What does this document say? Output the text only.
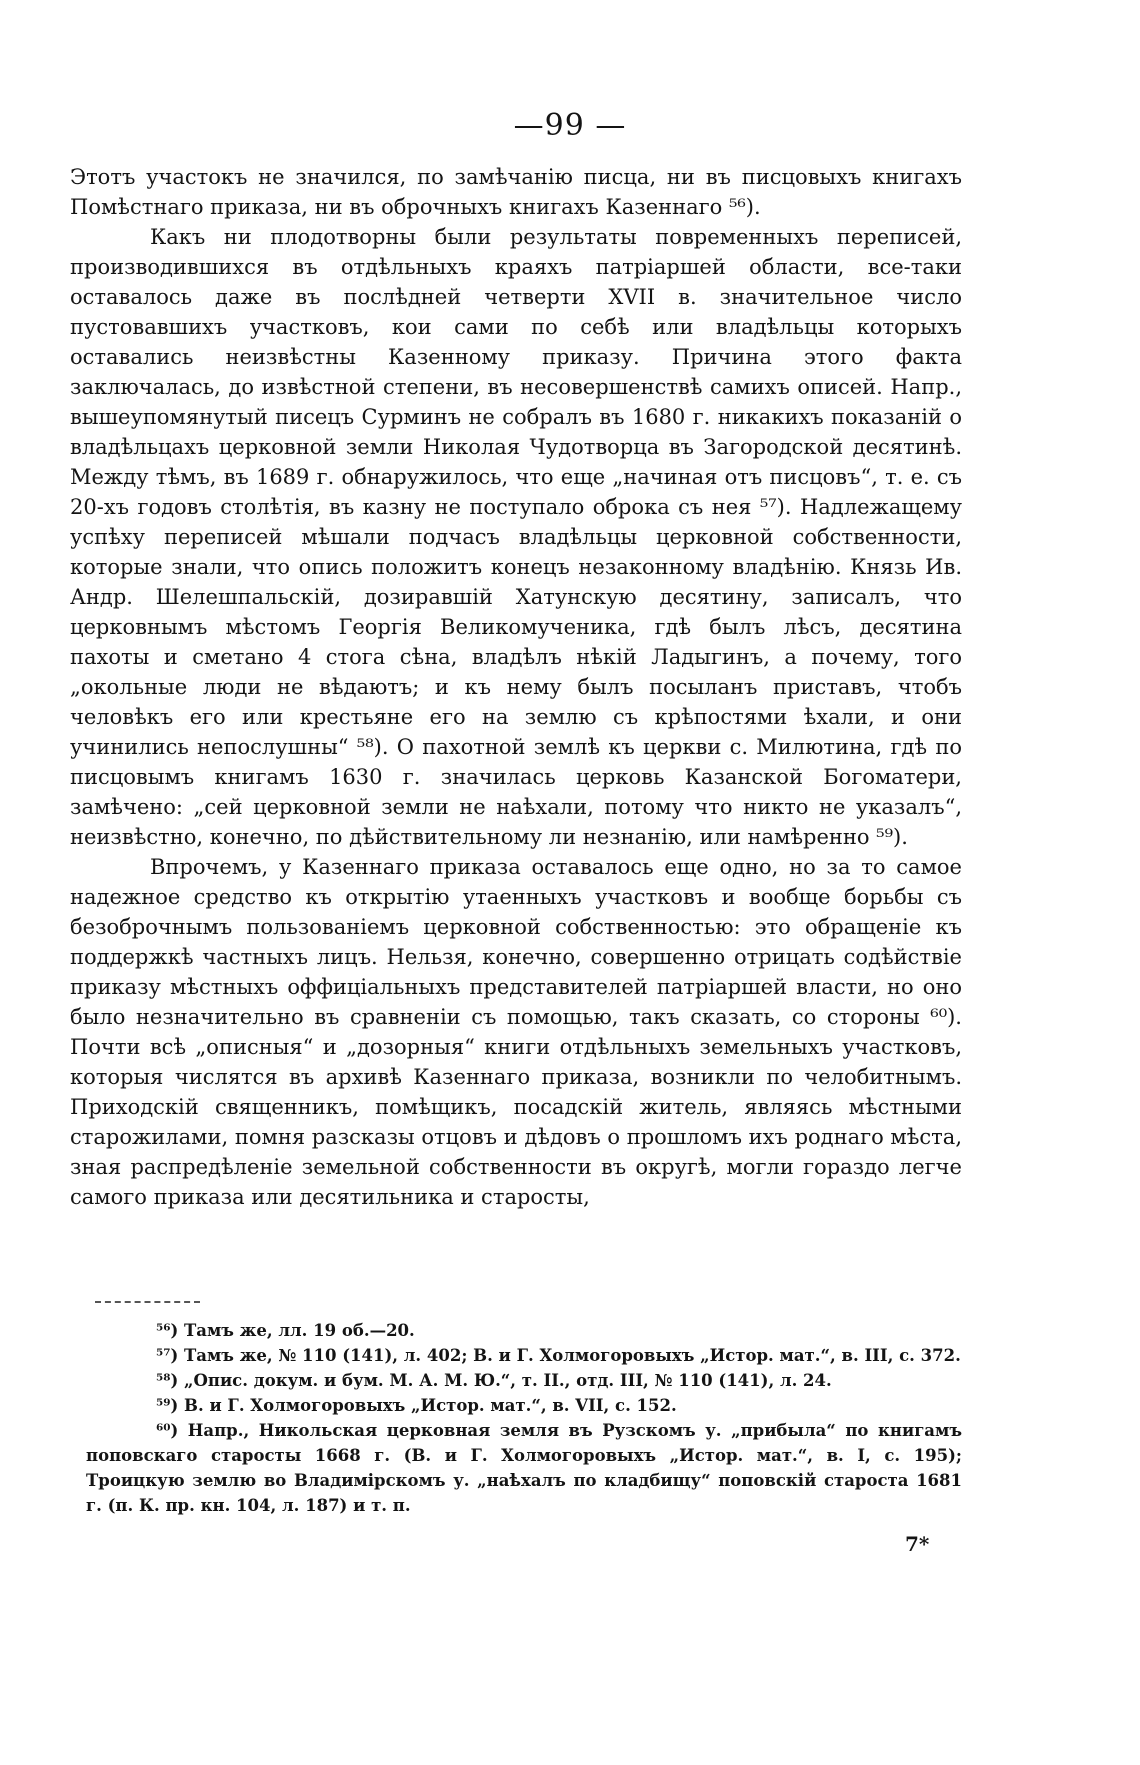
—99 —

Этотъ участокъ не значился, по замѣчанію писца, ни въ писцовыхъ книгахъ Помѣстнаго приказа, ни въ оброчныхъ книгахъ Казеннаго ⁵⁶).

Какъ ни плодотворны были результаты повременныхъ переписей, производившихся въ отдѣльныхъ краяхъ патріаршей области, все-таки оставалось даже въ послѣдней четверти XVII в. значительное число пустовавшихъ участковъ, кои сами по себѣ или владѣльцы которыхъ оставались неизвѣстны Казенному приказу. Причина этого факта заключалась, до извѣстной степени, въ несовершенствѣ самихъ описей. Напр., вышеупомянутый писецъ Сурминъ не собралъ въ 1680 г. никакихъ показаній о владѣльцахъ церковной земли Николая Чудотворца въ Загородской десятинѣ. Между тѣмъ, въ 1689 г. обнаружилось, что еще „начиная отъ писцовъ“, т. е. съ 20-хъ годовъ столѣтія, въ казну не поступало оброка съ нея ⁵⁷). Надлежащему успѣху переписей мѣшали подчасъ владѣльцы церковной собственности, которые знали, что опись положитъ конецъ незаконному владѣнію. Князь Ив. Андр. Шелешпальскій, дозиравшій Хатунскую десятину, записалъ, что церковнымъ мѣстомъ Георгія Великомученика, гдѣ былъ лѣсъ, десятина пахоты и сметано 4 стога сѣна, владѣлъ нѣкій Ладыгинъ, а почему, того „окольные люди не вѣдаютъ; и къ нему былъ посыланъ приставъ, чтобъ человѣкъ его или крестьяне его на землю съ крѣпостями ѣхали, и они учинились непослушны“ ⁵⁸). О пахотной землѣ къ церкви с. Милютина, гдѣ по писцовымъ книгамъ 1630 г. значилась церковь Казанской Богоматери, замѣчено: „сей церковной земли не наѣхали, потому что никто не указалъ“, неизвѣстно, конечно, по дѣйствительному ли незнанію, или намѣренно ⁵⁹).

Впрочемъ, у Казеннаго приказа оставалось еще одно, но за то самое надежное средство къ открытію утаенныхъ участковъ и вообще борьбы съ безоброчнымъ пользованіемъ церковной собственностью: это обращеніе къ поддержкѣ частныхъ лицъ. Нельзя, конечно, совершенно отрицать содѣйствіе приказу мѣстныхъ оффиціальныхъ представителей патріаршей власти, но оно было незначительно въ сравненіи съ помощью, такъ сказать, со стороны ⁶⁰). Почти всѣ „описныя“ и „дозорныя“ книги отдѣльныхъ земельныхъ участковъ, которыя числятся въ архивѣ Казеннаго приказа, возникли по челобитнымъ. Приходскій священникъ, помѣщикъ, посадскій житель, являясь мѣстными старожилами, помня разсказы отцовъ и дѣдовъ о прошломъ ихъ роднаго мѣста, зная распредѣленіе земельной собственности въ округѣ, могли гораздо легче самого приказа или десятильника и старосты,

⁵⁶) Тамъ же, лл. 19 об.—20.

⁵⁷) Тамъ же, № 110 (141), л. 402; В. и Г. Холмогоровыхъ „Истор. мат.“, в. III, с. 372.

⁵⁸) „Опис. докум. и бум. М. А. М. Ю.“, т. II., отд. III, № 110 (141), л. 24.

⁵⁹) В. и Г. Холмогоровыхъ „Истор. мат.“, в. VII, с. 152.

⁶⁰) Напр., Никольская церковная земля въ Рузскомъ у. „прибыла“ по книгамъ поповскаго старосты 1668 г. (В. и Г. Холмогоровыхъ „Истор. мат.“, в. I, с. 195); Троицкую землю во Владимірскомъ у. „наѣхалъ по кладбищу“ поповскій староста 1681 г. (п. К. пр. кн. 104, л. 187) и т. п.

7*
